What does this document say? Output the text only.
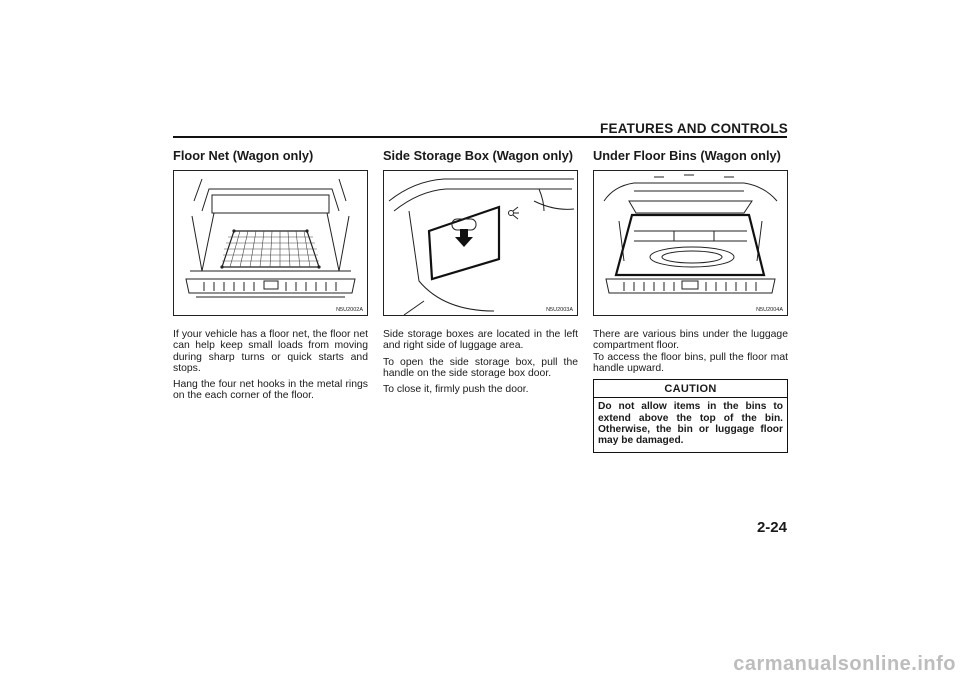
FEATURES AND CONTROLS
Floor Net (Wagon only)
N5U2002A

If your vehicle has a floor net, the floor net can help keep small loads from moving during sharp turns or quick starts and stops.

Hang the four net hooks in the metal rings on the each corner of the floor.

Side Storage Box (Wagon only)
N5U2003A

Side storage boxes are located in the left and right side of luggage area.

To open the side storage box, pull the handle on the side storage box door.

To close it, firmly push the door.

Under Floor Bins (Wagon only)
N5U2004A

There are various bins under the luggage compartment floor.

To access the floor bins, pull the floor mat handle upward.

CAUTION
Do not allow items in the bins to extend above the top of the bin. Otherwise, the bin or luggage floor may be damaged.
2-24
carmanualsonline.info
